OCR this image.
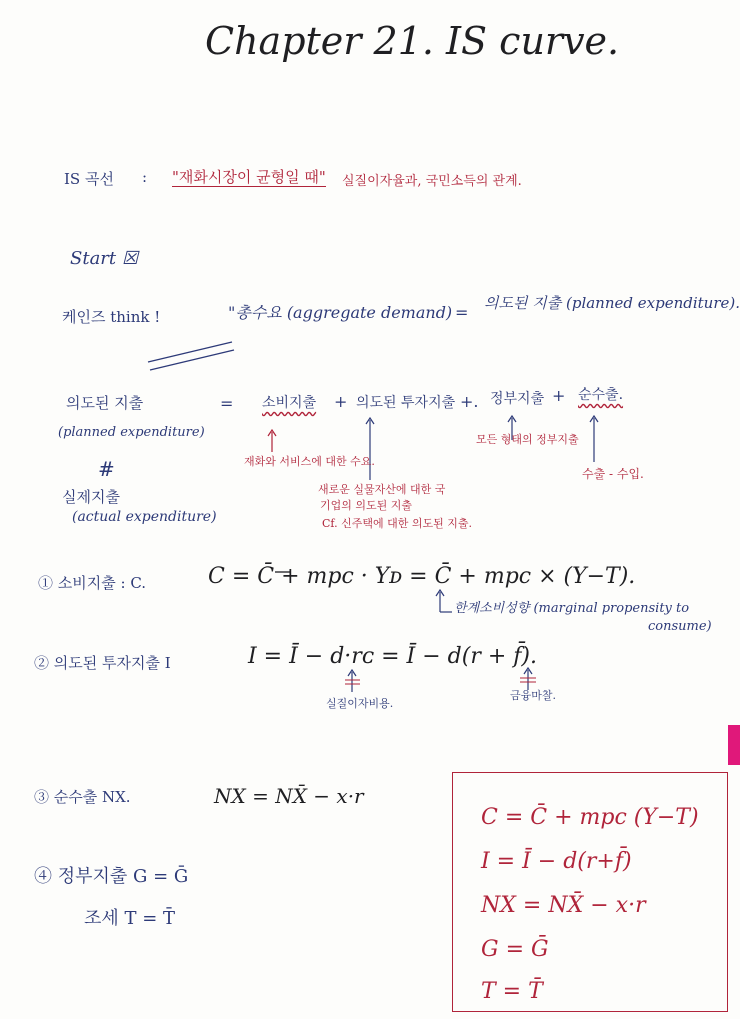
Chapter 21. IS curve.
IS 곡선 : "재화시장이 균형일 때" 실질이자율과, 국민소득의 관계.
Start ☒
케인즈 think !	"총수요 (aggregate demand) = 의도된 지출 (planned expenditure).
의도된 지출
(planned expenditure)
#
실제지출
(actual expenditure)
= 소비지출 + 의도된 투자지출 +. 정부지출 + 순수출.
재화와 서비스에 대한 수요.
새로운 실물자산에 대한 국
기업의 의도된 지출
Cf. 신주택에 대한 의도된 지출.
모든 형태의 정부지출
수출 - 수입.
① 소비지출 : C.	C = C̄ + mpc · Yᴅ = C̄ + mpc × (Y−T).
한계소비성향 (marginal propensity to
consume)
② 의도된 투자지출 I	I = Ī − d·rᴄ = Ī − d(r + f̄).
실질이자비용.
금융마찰.
③ 순수출 NX.	NX = NX̄ − x·r
④ 정부지출 G = Ḡ
조세 T = T̄
C = C̄ + mpc (Y−T)
I = Ī − d(r+f̄)
NX = NX̄ − x·r
G = Ḡ
T = T̄
